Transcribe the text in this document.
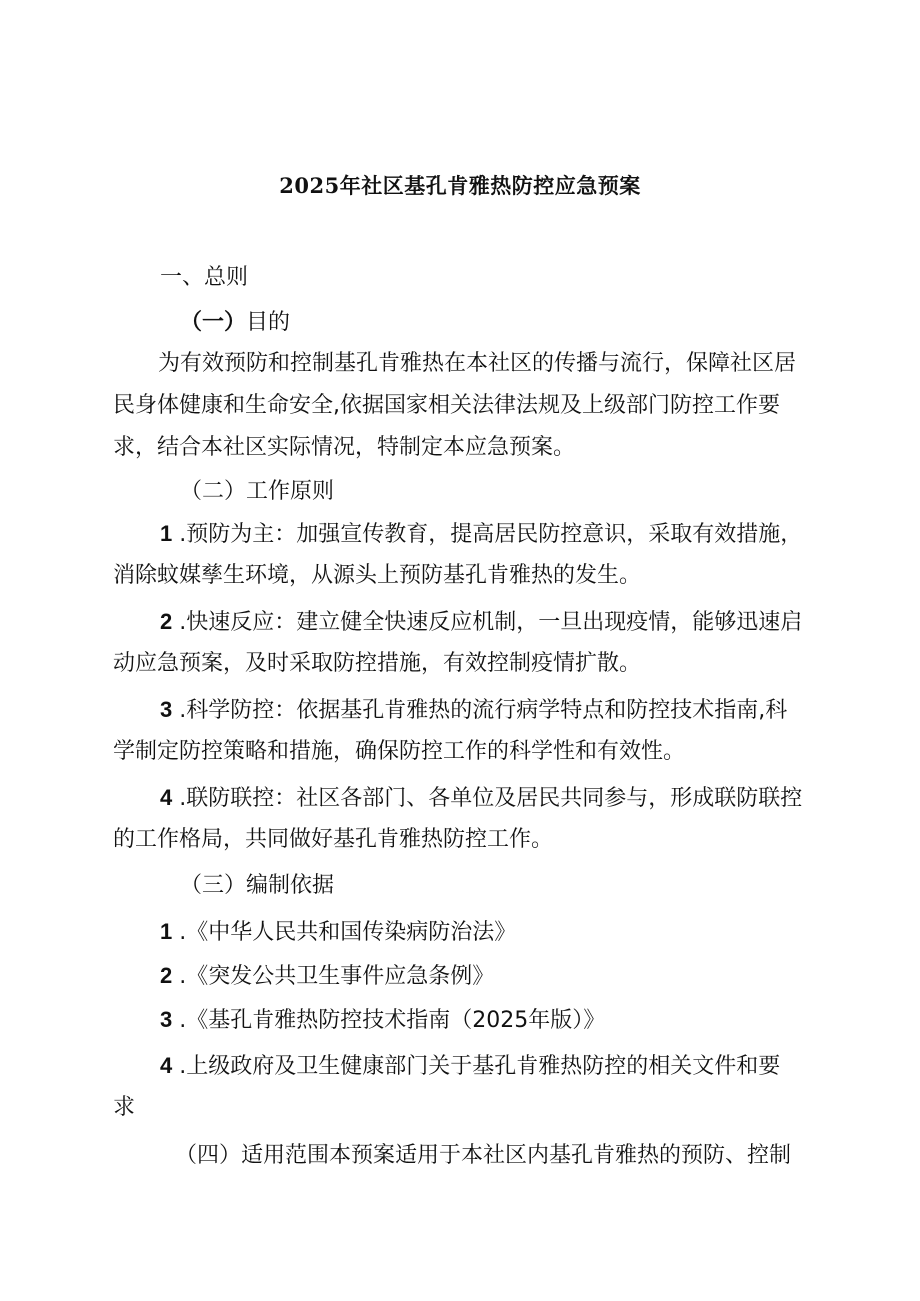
2025年社区基孔肯雅热防控应急预案
一、总则
（一）目的
为有效预防和控制基孔肯雅热在本社区的传播与流行，保障社区居
民身体健康和生命安全,依据国家相关法律法规及上级部门防控工作要
求，结合本社区实际情况，特制定本应急预案。
（二）工作原则
1 .预防为主：加强宣传教育，提高居民防控意识，采取有效措施，
消除蚊媒孳生环境，从源头上预防基孔肯雅热的发生。
2 .快速反应：建立健全快速反应机制，一旦出现疫情，能够迅速启
动应急预案，及时采取防控措施，有效控制疫情扩散。
3 .科学防控：依据基孔肯雅热的流行病学特点和防控技术指南,科
学制定防控策略和措施，确保防控工作的科学性和有效性。
4 .联防联控：社区各部门、各单位及居民共同参与，形成联防联控
的工作格局，共同做好基孔肯雅热防控工作。
（三）编制依据
1 .《中华人民共和国传染病防治法》
2 .《突发公共卫生事件应急条例》
3 .《基孔肯雅热防控技术指南（2025年版）》
4 .上级政府及卫生健康部门关于基孔肯雅热防控的相关文件和要
求
（四）适用范围本预案适用于本社区内基孔肯雅热的预防、控制
